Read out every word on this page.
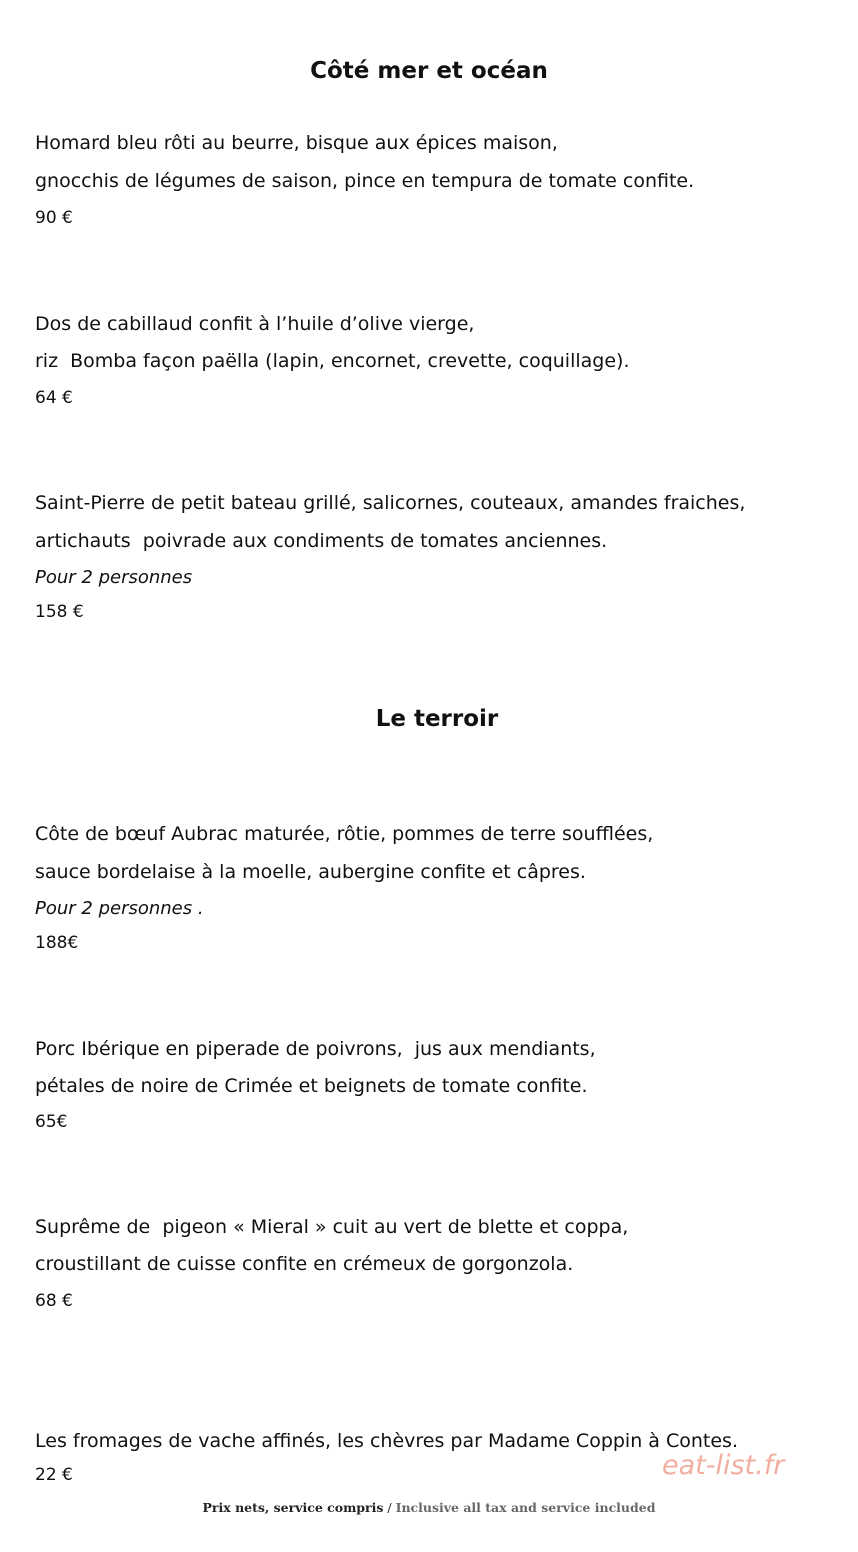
Côté mer et océan

Homard bleu rôti au beurre, bisque aux épices maison,

gnocchis de légumes de saison, pince en tempura de tomate confite.

90 €

Dos de cabillaud confit à l’huile d’olive vierge,

riz  Bomba façon paëlla (lapin, encornet, crevette, coquillage).

64 €

Saint-Pierre de petit bateau grillé, salicornes, couteaux, amandes fraiches,

artichauts  poivrade aux condiments de tomates anciennes.

Pour 2 personnes

158 €

Le terroir

Côte de bœuf Aubrac maturée, rôtie, pommes de terre soufflées,

sauce bordelaise à la moelle, aubergine confite et câpres.

Pour 2 personnes .

188€

Porc Ibérique en piperade de poivrons,  jus aux mendiants,

pétales de noire de Crimée et beignets de tomate confite.

65€

Suprême de  pigeon « Mieral » cuit au vert de blette et coppa,

croustillant de cuisse confite en crémeux de gorgonzola.

68 €

Les fromages de vache affinés, les chèvres par Madame Coppin à Contes.

22 €	eat-list.fr
Prix nets, service compris / Inclusive all tax and service included
